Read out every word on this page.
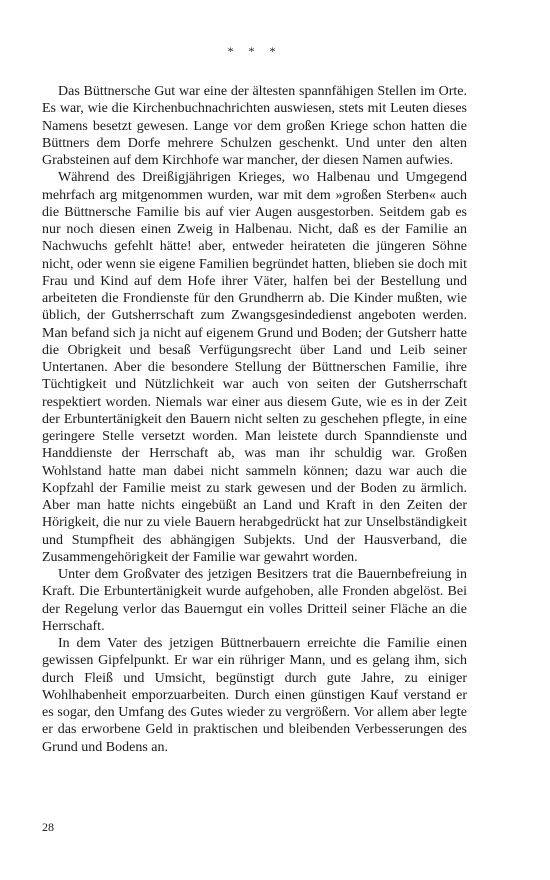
* * *

Das Büttnersche Gut war eine der ältesten spannfähigen Stellen im Orte. Es war, wie die Kirchenbuchnachrichten auswiesen, stets mit Leuten dieses Namens besetzt gewesen. Lange vor dem großen Kriege schon hatten die Büttners dem Dorfe mehrere Schulzen geschenkt. Und unter den alten Grabsteinen auf dem Kirchhofe war mancher, der diesen Namen aufwies.

Während des Dreißigjährigen Krieges, wo Halbenau und Umgegend mehrfach arg mitgenommen wurden, war mit dem »großen Sterben« auch die Büttnersche Familie bis auf vier Augen ausgestorben. Seitdem gab es nur noch diesen einen Zweig in Halbenau. Nicht, daß es der Familie an Nachwuchs gefehlt hätte! aber, entweder heirateten die jüngeren Söhne nicht, oder wenn sie eigene Familien begründet hatten, blieben sie doch mit Frau und Kind auf dem Hofe ihrer Väter, halfen bei der Bestellung und arbeiteten die Frondienste für den Grundherrn ab. Die Kinder mußten, wie üblich, der Gutsherrschaft zum Zwangsgesindedienst angeboten werden. Man befand sich ja nicht auf eigenem Grund und Boden; der Gutsherr hatte die Obrigkeit und besaß Verfügungsrecht über Land und Leib seiner Untertanen. Aber die besondere Stellung der Büttnerschen Familie, ihre Tüchtigkeit und Nützlichkeit war auch von seiten der Gutsherrschaft respektiert worden. Niemals war einer aus diesem Gute, wie es in der Zeit der Erbuntertänigkeit den Bauern nicht selten zu geschehen pflegte, in eine geringere Stelle versetzt worden. Man leistete durch Spanndienste und Handdienste der Herrschaft ab, was man ihr schuldig war. Großen Wohlstand hatte man dabei nicht sammeln können; dazu war auch die Kopfzahl der Familie meist zu stark gewesen und der Boden zu ärmlich. Aber man hatte nichts eingebüßt an Land und Kraft in den Zeiten der Hörigkeit, die nur zu viele Bauern herabgedrückt hat zur Unselbständigkeit und Stumpfheit des abhängigen Subjekts. Und der Hausverband, die Zusammengehörigkeit der Familie war gewahrt worden.

Unter dem Großvater des jetzigen Besitzers trat die Bauernbefreiung in Kraft. Die Erbuntertänigkeit wurde aufgehoben, alle Fronden abgelöst. Bei der Regelung verlor das Bauerngut ein volles Dritteil seiner Fläche an die Herrschaft.

In dem Vater des jetzigen Büttnerbauern erreichte die Familie einen gewissen Gipfelpunkt. Er war ein rühriger Mann, und es gelang ihm, sich durch Fleiß und Umsicht, begünstigt durch gute Jahre, zu einiger Wohlhabenheit emporzuarbeiten. Durch einen günstigen Kauf verstand er es sogar, den Umfang des Gutes wieder zu vergrößern. Vor allem aber legte er das erworbene Geld in praktischen und bleibenden Verbesserungen des Grund und Bodens an.

28
